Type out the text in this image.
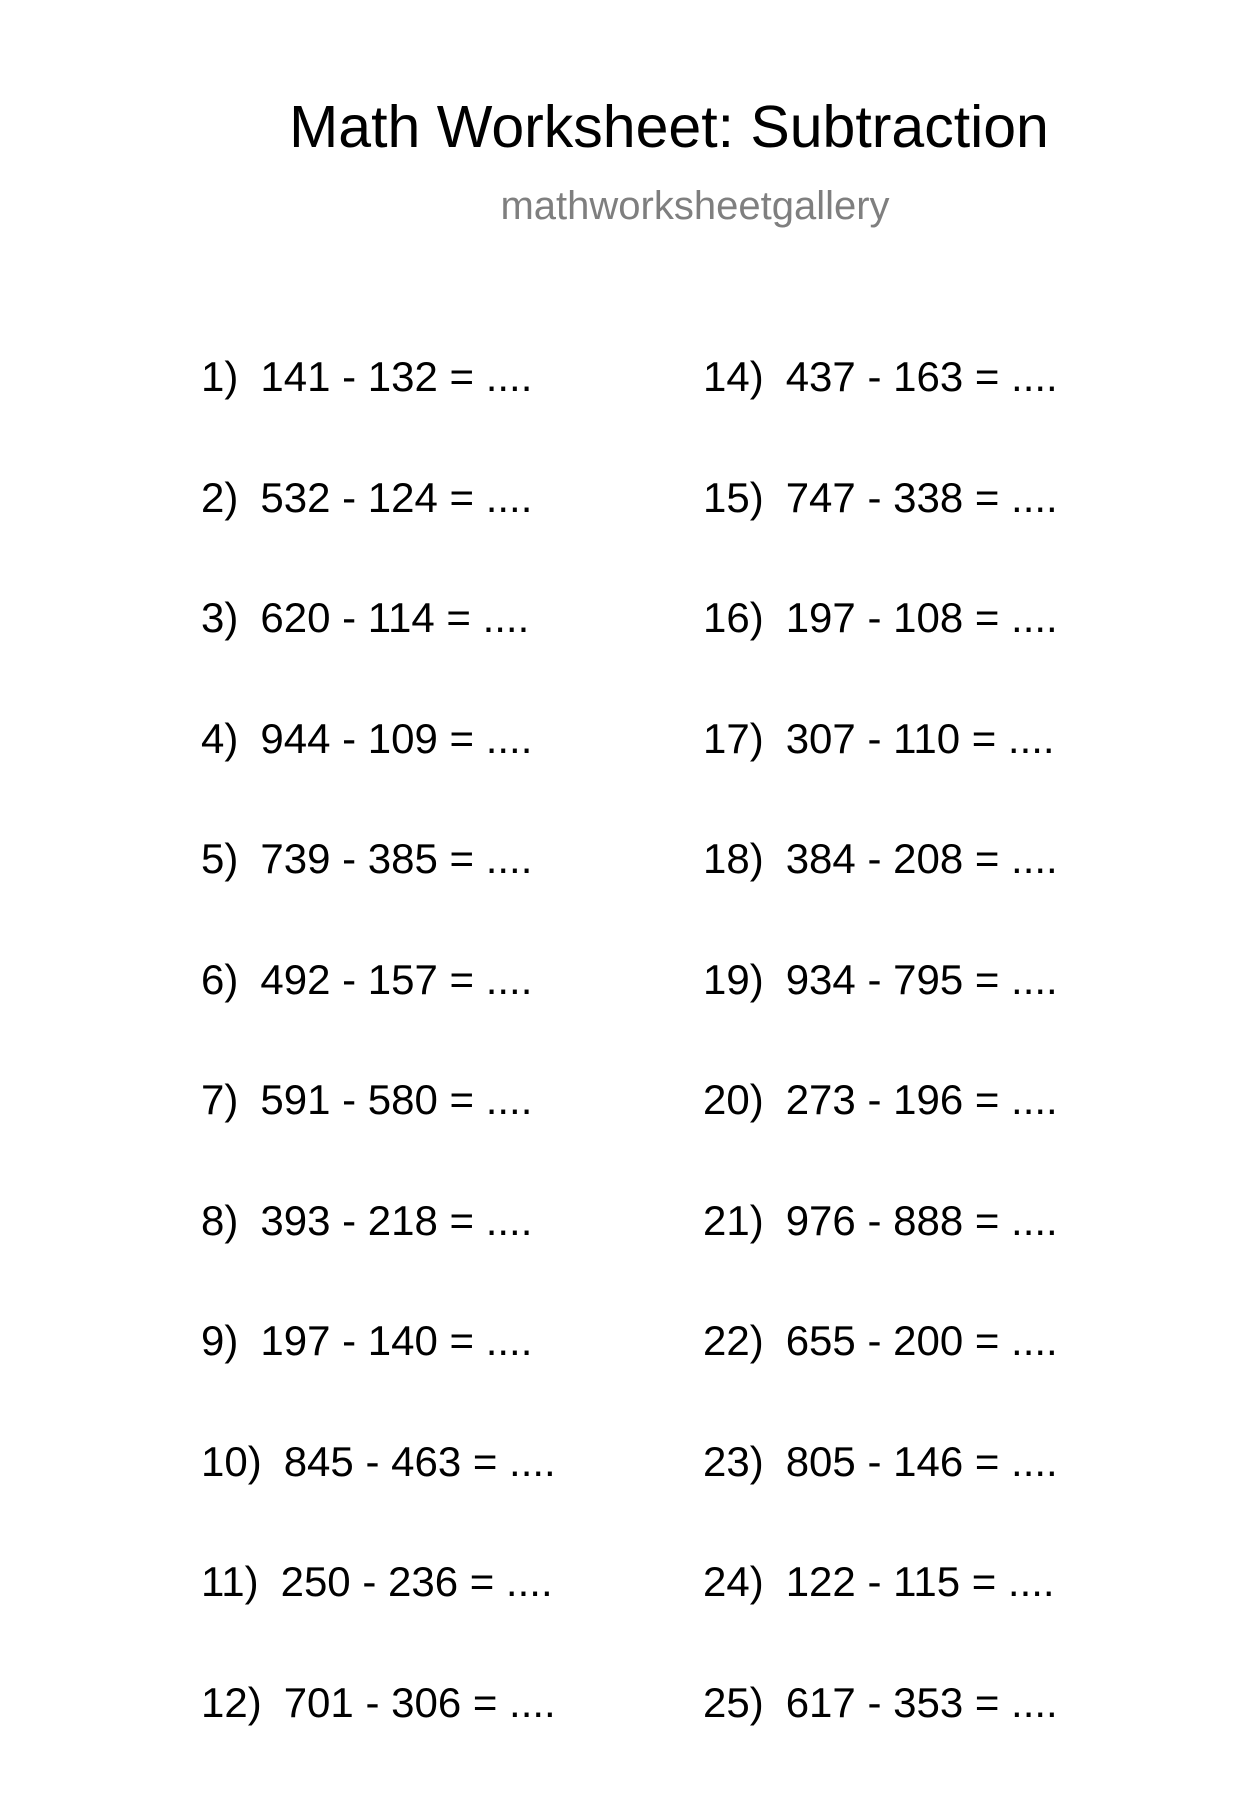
Math Worksheet: Subtraction
mathworksheetgallery
1) 141 - 132 = ....
2) 532 - 124 = ....
3) 620 - 114 = ....
4) 944 - 109 = ....
5) 739 - 385 = ....
6) 492 - 157 = ....
7) 591 - 580 = ....
8) 393 - 218 = ....
9) 197 - 140 = ....
10) 845 - 463 = ....
11) 250 - 236 = ....
12) 701 - 306 = ....
14) 437 - 163 = ....
15) 747 - 338 = ....
16) 197 - 108 = ....
17) 307 - 110 = ....
18) 384 - 208 = ....
19) 934 - 795 = ....
20) 273 - 196 = ....
21) 976 - 888 = ....
22) 655 - 200 = ....
23) 805 - 146 = ....
24) 122 - 115 = ....
25) 617 - 353 = ....
